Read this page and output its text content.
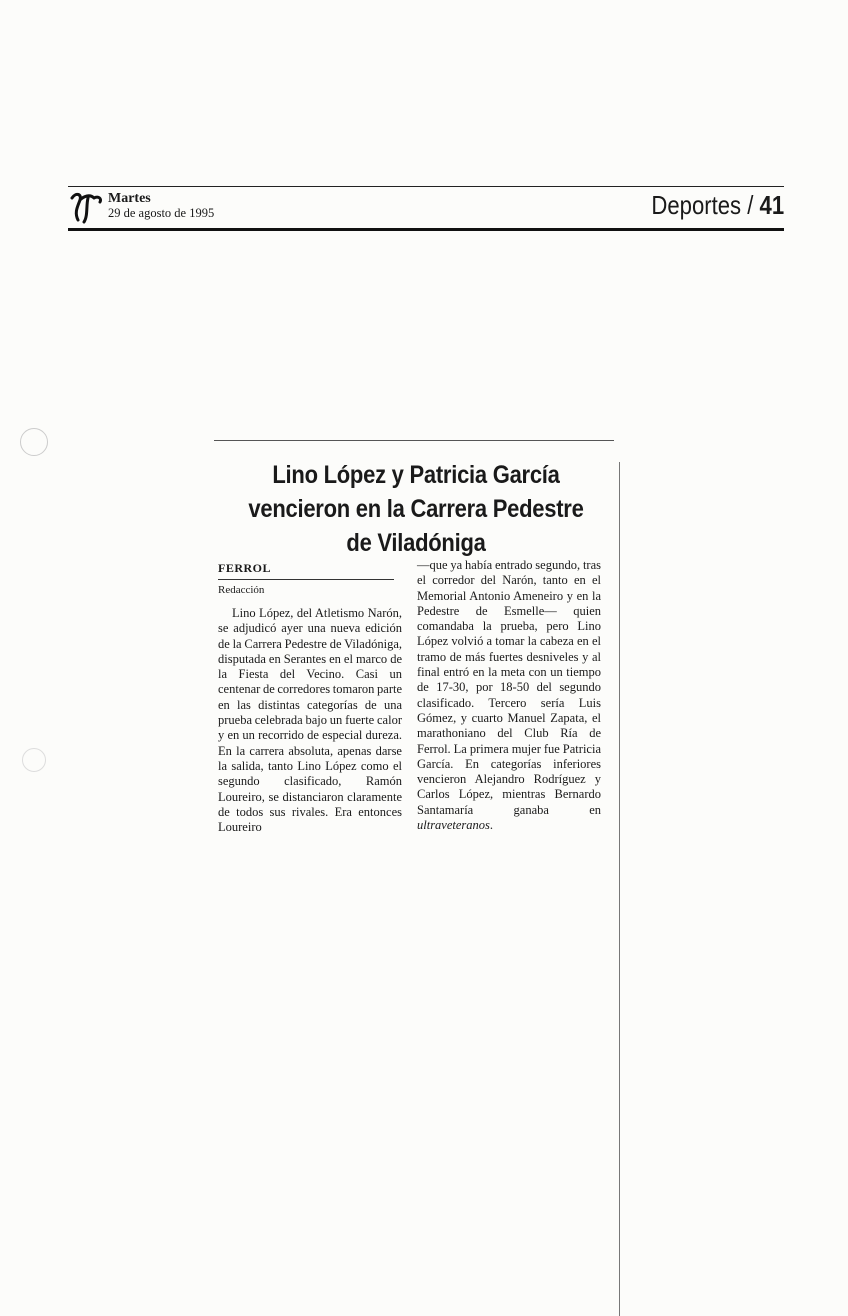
Martes
29 de agosto de 1995	Deportes / 41
Lino López y Patricia García vencieron en la Carrera Pedestre de Viladóniga
FERROL
Redacción

Lino López, del Atletismo Narón, se adjudicó ayer una nueva edición de la Carrera Pedestre de Viladóniga, disputada en Serantes en el marco de la Fiesta del Vecino. Casi un centenar de corredores tomaron parte en las distintas categorías de una prueba celebrada bajo un fuerte calor y en un recorrido de especial dureza. En la carrera absoluta, apenas darse la salida, tanto Lino López como el segundo clasificado, Ramón Loureiro, se distanciaron claramente de todos sus rivales. Era entonces Loureiro

—que ya había entrado segundo, tras el corredor del Narón, tanto en el Memorial Antonio Ameneiro y en la Pedestre de Esmelle— quien comandaba la prueba, pero Lino López volvió a tomar la cabeza en el tramo de más fuertes desniveles y al final entró en la meta con un tiempo de 17-30, por 18-50 del segundo clasificado. Tercero sería Luis Gómez, y cuarto Manuel Zapata, el marathoniano del Club Ría de Ferrol. La primera mujer fue Patricia García. En categorías inferiores vencieron Alejandro Rodríguez y Carlos López, mientras Bernardo Santamaría ganaba en ultraveteranos.
